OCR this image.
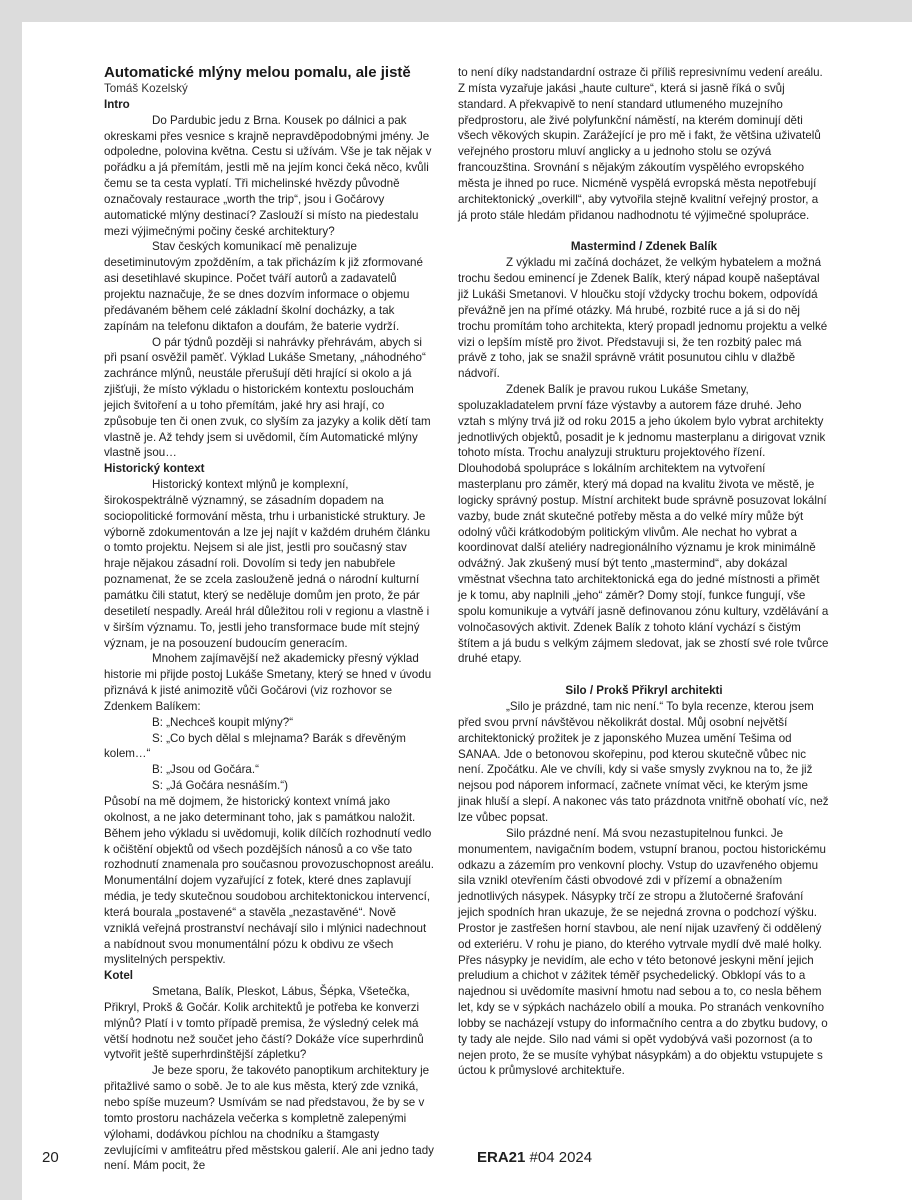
Automatické mlýny melou pomalu, ale jistě

Tomáš Kozelský

Intro

Do Pardubic jedu z Brna. Kousek po dálnici a pak okreskami přes vesnice s krajně nepravděpodobnými jmény. Je odpoledne, polovina května. Cestu si užívám. Vše je tak nějak v pořádku a já přemítám, jestli mě na jejím konci čeká něco, kvůli čemu se ta cesta vyplatí. Tři michelinské hvězdy původně označovaly restaurace „worth the trip“, jsou i Gočárovy automatické mlýny destinací? Zaslouží si místo na piedestalu mezi výjimečnými počiny české architektury?

Stav českých komunikací mě penalizuje desetiminutovým zpožděním, a tak přicházím k již zformované asi desetihlavé skupince. Počet tváří autorů a zadavatelů projektu naznačuje, že se dnes dozvím informace o objemu předávaném během celé základní školní docházky, a tak zapínám na telefonu diktafon a doufám, že baterie vydrží.

O pár týdnů později si nahrávky přehrávám, abych si při psaní osvěžil paměť. Výklad Lukáše Smetany, „náhodného“ zachránce mlýnů, neustále přerušují děti hrající si okolo a já zjišťuji, že místo výkladu o historickém kontextu poslouchám jejich švitoření a u toho přemítám, jaké hry asi hrají, co způsobuje ten či onen zvuk, co slyším za jazyky a kolik dětí tam vlastně je. Až tehdy jsem si uvědomil, čím Automatické mlýny vlastně jsou…

Historický kontext

Historický kontext mlýnů je komplexní, širokospektrálně významný, se zásadním dopadem na sociopolitické formování města, trhu i urbanistické struktury. Je výborně zdokumentován a lze jej najít v každém druhém článku o tomto projektu. Nejsem si ale jist, jestli pro současný stav hraje nějakou zásadní roli. Dovolím si tedy jen nabubřele poznamenat, že se zcela zaslouženě jedná o národní kulturní památku čili statut, který se neděluje domům jen proto, že pár desetiletí nespadly. Areál hrál důležitou roli v regionu a vlastně i v širším významu. To, jestli jeho transformace bude mít stejný význam, je na posouzení budoucím generacím.

Mnohem zajímavější než akademicky přesný výklad historie mi přijde postoj Lukáše Smetany, který se hned v úvodu přiznává k jisté animozitě vůči Gočárovi (viz rozhovor se Zdenkem Balíkem:

B: „Nechceš koupit mlýny?“
S: „Co bych dělal s mlejnama? Barák s dřevěným kolem…“
B: „Jsou od Gočára.“
S: „Já Gočára nesnáším.“)

Působí na mě dojmem, že historický kontext vnímá jako okolnost, a ne jako determinant toho, jak s památkou naložit. Během jeho výkladu si uvědomuji, kolik dílčích rozhodnutí vedlo k očištění objektů od všech pozdějších nánosů a co vše tato rozhodnutí znamenala pro současnou provozuschopnost areálu. Monumentální dojem vyzařující z fotek, které dnes zaplavují média, je tedy skutečnou soudobou architektonickou intervencí, která bourala „postavené“ a stavěla „nezastavěné“. Nově vzniklá veřejná prostranství nechávají silo i mlýnici nadechnout a nabídnout svou monumentální pózu k obdivu ze všech myslitelných perspektiv.

Kotel

Smetana, Balík, Pleskot, Lábus, Šépka, Všetečka, Přikryl, Prokš & Gočár. Kolik architektů je potřeba ke konverzi mlýnů? Platí i v tomto případě premisa, že výsledný celek má větší hodnotu než součet jeho částí? Dokáže více superhrdinů vytvořit ještě superhrdinštější zápletku?

Je beze sporu, že takovéto panoptikum architektury je přitažlivé samo o sobě. Je to ale kus města, který zde vzniká, nebo spíše muzeum? Usmívám se nad představou, že by se v tomto prostoru nacházela večerka s kompletně zalepenými výlohami, dodávkou píchlou na chodníku a štamgasty zevlujícími v amfiteátru před městskou galerií. Ale ani jedno tady není. Mám pocit, že

to není díky nadstandardní ostraze či příliš represivnímu vedení areálu. Z místa vyzařuje jakási „haute culture“, která si jasně říká o svůj standard. A překvapivě to není standard utlumeného muzejního předprostoru, ale živé polyfunkční náměstí, na kterém dominují děti všech věkových skupin. Zarážející je pro mě i fakt, že většina uživatelů veřejného prostoru mluví anglicky a u jednoho stolu se ozývá francouzština. Srovnání s nějakým zákoutím vyspělého evropského města je ihned po ruce. Nicméně vyspělá evropská města nepotřebují architektonický „overkill“, aby vytvořila stejně kvalitní veřejný prostor, a já proto stále hledám přidanou nadhodnotu té výjimečné spolupráce.

Mastermind / Zdenek Balík

Z výkladu mi začíná docházet, že velkým hybatelem a možná trochu šedou eminencí je Zdenek Balík, který nápad koupě našeptával již Lukáši Smetanovi. V hloučku stojí vždycky trochu bokem, odpovídá převážně jen na přímé otázky. Má hrubé, rozbité ruce a já si do něj trochu promítám toho architekta, který propadl jednomu projektu a velké vizi o lepším místě pro život. Představuji si, že ten rozbitý palec má právě z toho, jak se snažil správně vrátit posunutou cihlu v dlažbě nádvoří.

Zdenek Balík je pravou rukou Lukáše Smetany, spoluzakladatelem první fáze výstavby a autorem fáze druhé. Jeho vztah s mlýny trvá již od roku 2015 a jeho úkolem bylo vybrat architekty jednotlivých objektů, posadit je k jednomu masterplanu a dirigovat vznik tohoto místa. Trochu analyzuji strukturu projektového řízení. Dlouhodobá spolupráce s lokálním architektem na vytvoření masterplanu pro záměr, který má dopad na kvalitu života ve městě, je logicky správný postup. Místní architekt bude správně posuzovat lokální vazby, bude znát skutečné potřeby města a do velké míry může být odolný vůči krátkodobým politickým vlivům. Ale nechat ho vybrat a koordinovat další ateliéry nadregionálního významu je krok minimálně odvážný. Jak zkušený musí být tento „mastermind“, aby dokázal vměstnat všechna tato architektonická ega do jedné místnosti a přimět je k tomu, aby naplnili „jeho“ záměr? Domy stojí, funkce fungují, vše spolu komunikuje a vytváří jasně definovanou zónu kultury, vzdělávání a volnočasových aktivit. Zdenek Balík z tohoto klání vychází s čistým štítem a já budu s velkým zájmem sledovat, jak se zhostí své role tvůrce druhé etapy.

Silo / Prokš Přikryl architekti

„Silo je prázdné, tam nic není.“ To byla recenze, kterou jsem před svou první návštěvou několikrát dostal. Můj osobní největší architektonický prožitek je z japonského Muzea umění Tešima od SANAA. Jde o betonovou skořepinu, pod kterou skutečně vůbec nic není. Zpočátku. Ale ve chvíli, kdy si vaše smysly zvyknou na to, že již nejsou pod náporem informací, začnete vnímat věci, ke kterým jsme jinak hluší a slepí. A nakonec vás tato prázdnota vnitřně obohatí víc, než lze vůbec popsat.

Silo prázdné není. Má svou nezastupitelnou funkci. Je monumentem, navigačním bodem, vstupní branou, poctou historickému odkazu a zázemím pro venkovní plochy. Vstup do uzavřeného objemu sila vznikl otevřením části obvodové zdi v přízemí a obnažením jednotlivých násypek. Násypky trčí ze stropu a žlutočerné šrafování jejich spodních hran ukazuje, že se nejedná zrovna o podchozí výšku. Prostor je zastřešen horní stavbou, ale není nijak uzavřený či oddělený od exteriéru. V rohu je piano, do kterého vytrvale mydlí dvě malé holky. Přes násypky je nevidím, ale echo v této betonové jeskyni mění jejich preludium a chichot v zážitek téměř psychedelický. Obklopí vás to a najednou si uvědomíte masivní hmotu nad sebou a to, co nesla během let, kdy se v sýpkách nacházelo obilí a mouka. Po stranách venkovního lobby se nacházejí vstupy do informačního centra a do zbytku budovy, o ty tady ale nejde. Silo nad vámi si opět vydobývá vaši pozornost (a to nejen proto, že se musíte vyhýbat násypkám) a do objektu vstupujete s úctou k průmyslové architektuře.

20	ERA21 #04 2024
